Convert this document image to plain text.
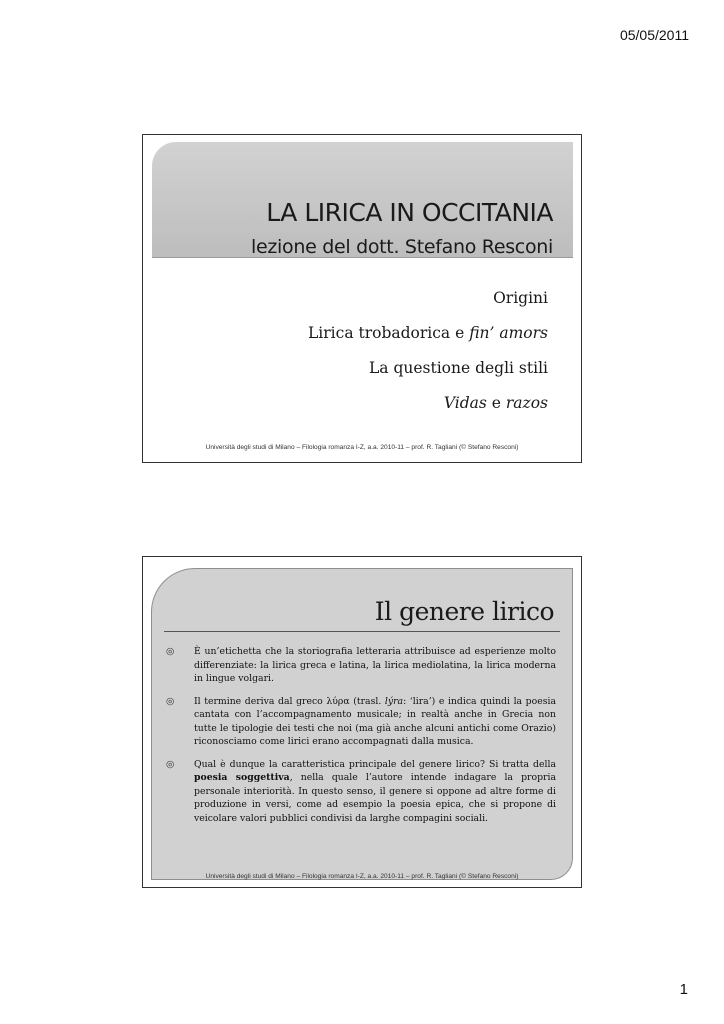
05/05/2011
LA LIRICA IN OCCITANIA
lezione del dott. Stefano Resconi
Origini
Lirica trobadorica e fin’ amors
La questione degli stili
Vidas e razos
Università degli studi di Milano – Filologia romanza I-Z, a.a. 2010-11 – prof. R. Tagliani (© Stefano Resconi)
Il genere lirico
◎ È un’etichetta che la storiografia letteraria attribuisce ad esperienze molto differenziate: la lirica greca e latina, la lirica mediolatina, la lirica moderna in lingue volgari.
◎ Il termine deriva dal greco λύρα (trasl. lýra: ‘lira’) e indica quindi la poesia cantata con l’accompagnamento musicale; in realtà anche in Grecia non tutte le tipologie dei testi che noi (ma già anche alcuni antichi come Orazio) riconosciamo come lirici erano accompagnati dalla musica.
◎ Qual è dunque la caratteristica principale del genere lirico? Si tratta della poesia soggettiva, nella quale l’autore intende indagare la propria personale interiorità. In questo senso, il genere si oppone ad altre forme di produzione in versi, come ad esempio la poesia epica, che si propone di veicolare valori pubblici condivisi da larghe compagini sociali.
Università degli studi di Milano – Filologia romanza I-Z, a.a. 2010-11 – prof. R. Tagliani (© Stefano Resconi)
1
